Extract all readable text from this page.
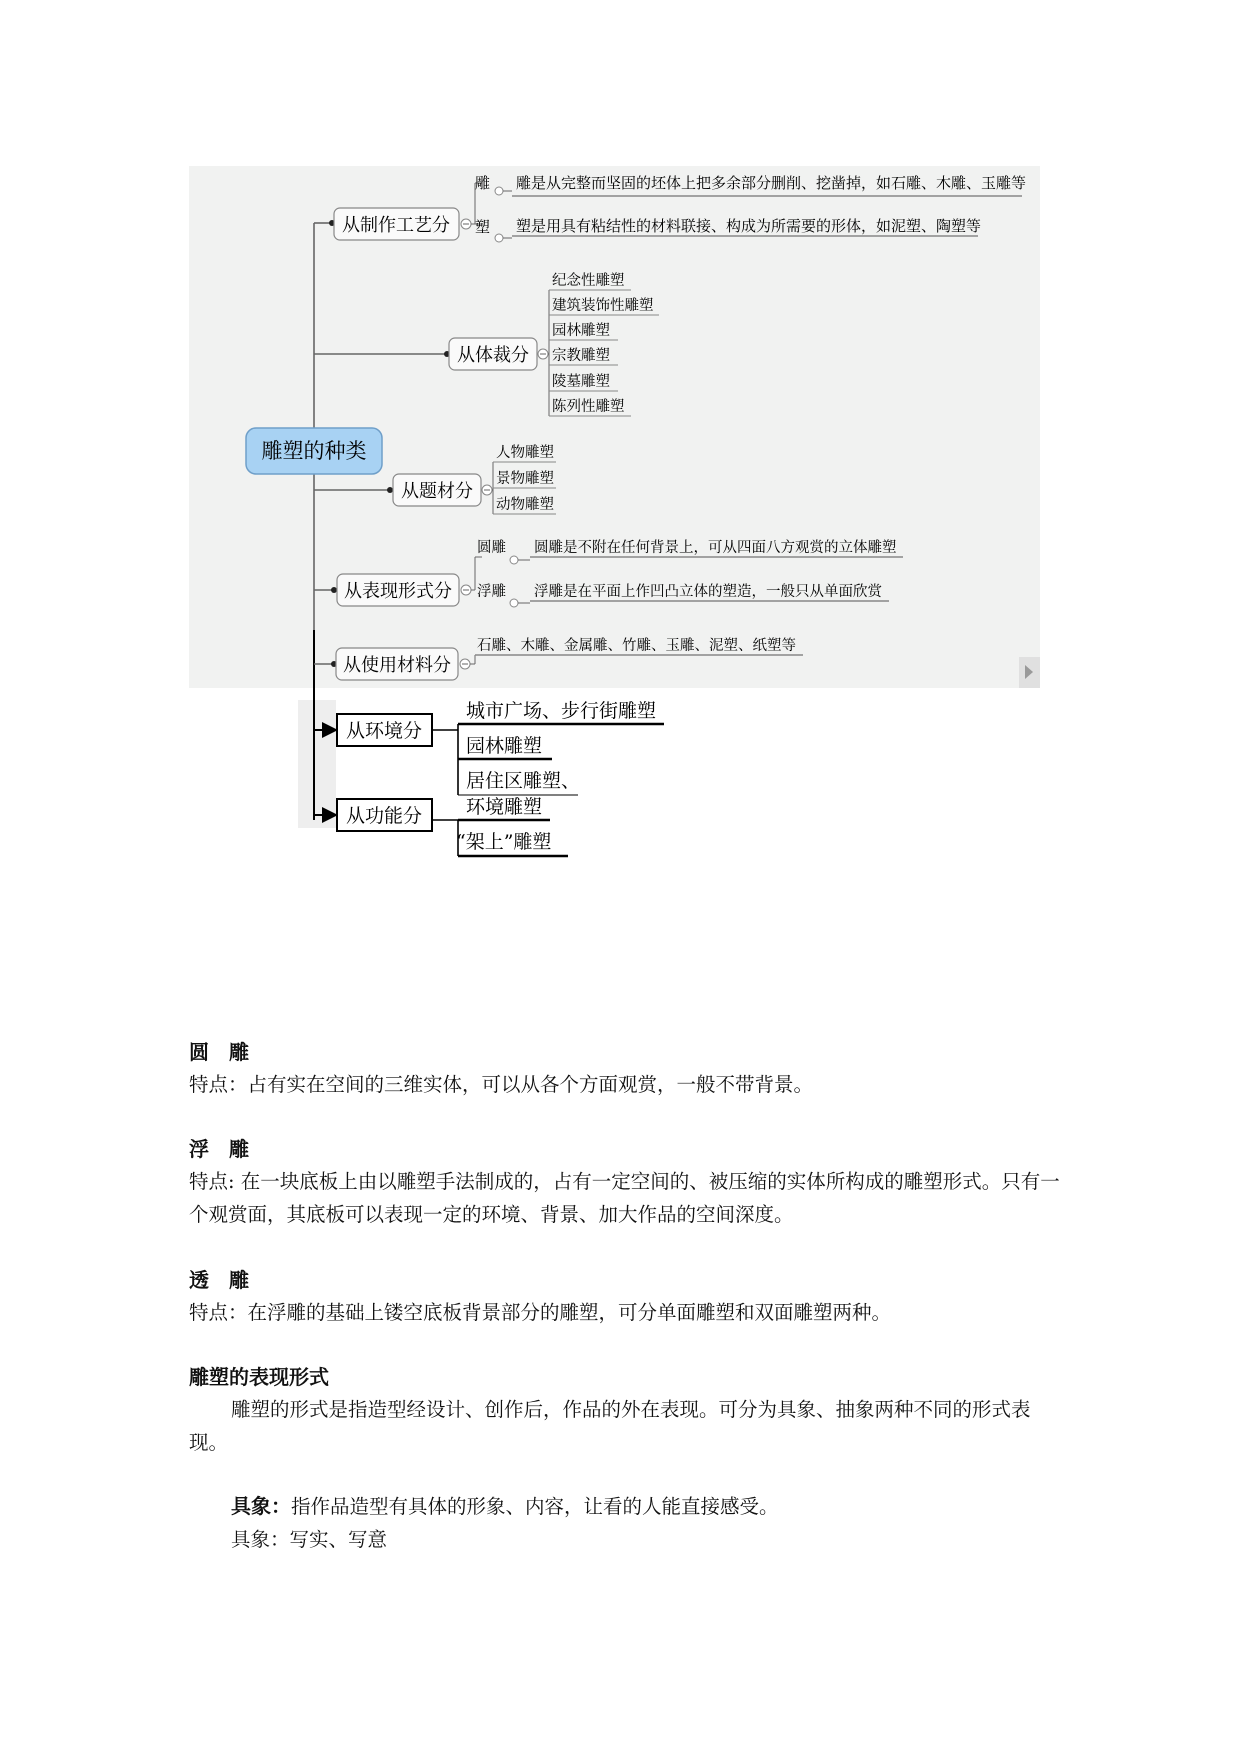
雕塑的种类
从制作工艺分
雕 雕是从完整而坚固的坯体上把多余部分删削、挖凿掉，如石雕、木雕、玉雕等
塑 塑是用具有粘结性的材料联接、构成为所需要的形体，如泥塑、陶塑等
从体裁分
纪念性雕塑
建筑装饰性雕塑
园林雕塑
宗教雕塑
陵墓雕塑
陈列性雕塑
从题材分
人物雕塑
景物雕塑
动物雕塑
从表现形式分
圆雕 圆雕是不附在任何背景上，可从四面八方观赏的立体雕塑
浮雕 浮雕是在平面上作凹凸立体的塑造，一般只从单面欣赏
从使用材料分
石雕、木雕、金属雕、竹雕、玉雕、泥塑、纸塑等
从环境分
城市广场、步行街雕塑
园林雕塑
居住区雕塑、
从功能分 环境雕塑
“架上”雕塑
圆　雕
特点：占有实在空间的三维实体，可以从各个方面观赏，一般不带背景。
浮　雕
特点: 在一块底板上由以雕塑手法制成的，占有一定空间的、被压缩的实体所构成的雕塑形式。只有一个观赏面，其底板可以表现一定的环境、背景、加大作品的空间深度。
透　雕
特点：在浮雕的基础上镂空底板背景部分的雕塑，可分单面雕塑和双面雕塑两种。
雕塑的表现形式
雕塑的形式是指造型经设计、创作后，作品的外在表现。可分为具象、抽象两种不同的形式表现。
具象：指作品造型有具体的形象、内容，让看的人能直接感受。
具象：写实、写意
